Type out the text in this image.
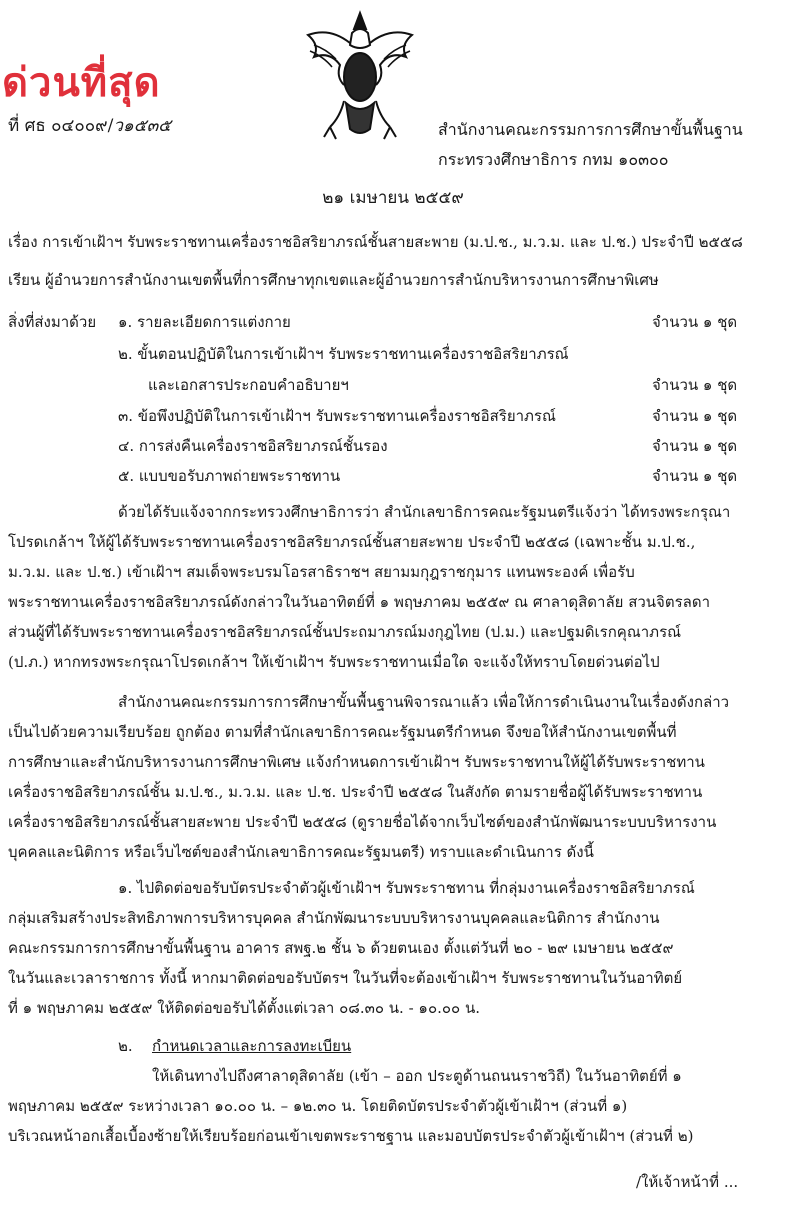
ด่วนที่สุด
ที่ ศธ ๐๔๐๐๙/ว๑๕๓๕	สำนักงานคณะกรรมการการศึกษาขั้นพื้นฐาน
กระทรวงศึกษาธิการ กทม ๑๐๓๐๐
๒๑ เมษายน ๒๕๕๙
เรื่อง การเข้าเฝ้าฯ รับพระราชทานเครื่องราชอิสริยาภรณ์ชั้นสายสะพาย (ม.ป.ช., ม.ว.ม. และ ป.ช.) ประจำปี ๒๕๕๘
เรียน ผู้อำนวยการสำนักงานเขตพื้นที่การศึกษาทุกเขตและผู้อำนวยการสำนักบริหารงานการศึกษาพิเศษ
สิ่งที่ส่งมาด้วย ๑. รายละเอียดการแต่งกาย	จำนวน ๑ ชุด
๒. ขั้นตอนปฏิบัติในการเข้าเฝ้าฯ รับพระราชทานเครื่องราชอิสริยาภรณ์
และเอกสารประกอบคำอธิบายฯ	จำนวน ๑ ชุด
๓. ข้อพึงปฏิบัติในการเข้าเฝ้าฯ รับพระราชทานเครื่องราชอิสริยาภรณ์	จำนวน ๑ ชุด
๔. การส่งคืนเครื่องราชอิสริยาภรณ์ชั้นรอง	จำนวน ๑ ชุด
๕. แบบขอรับภาพถ่ายพระราชทาน	จำนวน ๑ ชุด
ด้วยได้รับแจ้งจากกระทรวงศึกษาธิการว่า สำนักเลขาธิการคณะรัฐมนตรีแจ้งว่า ได้ทรงพระกรุณา
โปรดเกล้าฯ ให้ผู้ได้รับพระราชทานเครื่องราชอิสริยาภรณ์ชั้นสายสะพาย ประจำปี ๒๕๕๘ (เฉพาะชั้น ม.ป.ช.,
ม.ว.ม. และ ป.ช.) เข้าเฝ้าฯ สมเด็จพระบรมโอรสาธิราชฯ สยามมกุฎราชกุมาร แทนพระองค์ เพื่อรับ
พระราชทานเครื่องราชอิสริยาภรณ์ดังกล่าวในวันอาทิตย์ที่ ๑ พฤษภาคม ๒๕๕๙ ณ ศาลาดุสิดาลัย สวนจิตรลดา
ส่วนผู้ที่ได้รับพระราชทานเครื่องราชอิสริยาภรณ์ชั้นประถมาภรณ์มงกุฎไทย (ป.ม.) และปฐมดิเรกคุณาภรณ์
(ป.ภ.) หากทรงพระกรุณาโปรดเกล้าฯ ให้เข้าเฝ้าฯ รับพระราชทานเมื่อใด จะแจ้งให้ทราบโดยด่วนต่อไป
สำนักงานคณะกรรมการการศึกษาขั้นพื้นฐานพิจารณาแล้ว เพื่อให้การดำเนินงานในเรื่องดังกล่าว
เป็นไปด้วยความเรียบร้อย ถูกต้อง ตามที่สำนักเลขาธิการคณะรัฐมนตรีกำหนด จึงขอให้สำนักงานเขตพื้นที่
การศึกษาและสำนักบริหารงานการศึกษาพิเศษ แจ้งกำหนดการเข้าเฝ้าฯ รับพระราชทานให้ผู้ได้รับพระราชทาน
เครื่องราชอิสริยาภรณ์ชั้น ม.ป.ช., ม.ว.ม. และ ป.ช. ประจำปี ๒๕๕๘ ในสังกัด ตามรายชื่อผู้ได้รับพระราชทาน
เครื่องราชอิสริยาภรณ์ชั้นสายสะพาย ประจำปี ๒๕๕๘ (ดูรายชื่อได้จากเว็บไซต์ของสำนักพัฒนาระบบบริหารงาน
บุคคลและนิติการ หรือเว็บไซต์ของสำนักเลขาธิการคณะรัฐมนตรี) ทราบและดำเนินการ ดังนี้
๑. ไปติดต่อขอรับบัตรประจำตัวผู้เข้าเฝ้าฯ รับพระราชทาน ที่กลุ่มงานเครื่องราชอิสริยาภรณ์
กลุ่มเสริมสร้างประสิทธิภาพการบริหารบุคคล สำนักพัฒนาระบบบริหารงานบุคคลและนิติการ สำนักงาน
คณะกรรมการการศึกษาขั้นพื้นฐาน อาคาร สพฐ.๒ ชั้น ๖ ด้วยตนเอง ตั้งแต่วันที่ ๒๐ - ๒๙ เมษายน ๒๕๕๙
ในวันและเวลาราชการ ทั้งนี้ หากมาติดต่อขอรับบัตรฯ ในวันที่จะต้องเข้าเฝ้าฯ รับพระราชทานในวันอาทิตย์
ที่ ๑ พฤษภาคม ๒๕๕๙ ให้ติดต่อขอรับได้ตั้งแต่เวลา ๐๘.๓๐ น. - ๑๐.๐๐ น.
๒. กำหนดเวลาและการลงทะเบียน
ให้เดินทางไปถึงศาลาดุสิดาลัย (เข้า – ออก ประตูด้านถนนราชวิถี) ในวันอาทิตย์ที่ ๑
พฤษภาคม ๒๕๕๙ ระหว่างเวลา ๑๐.๐๐ น. – ๑๒.๓๐ น. โดยติดบัตรประจำตัวผู้เข้าเฝ้าฯ (ส่วนที่ ๑)
บริเวณหน้าอกเสื้อเบื้องซ้ายให้เรียบร้อยก่อนเข้าเขตพระราชฐาน และมอบบัตรประจำตัวผู้เข้าเฝ้าฯ (ส่วนที่ ๒)
/ให้เจ้าหน้าที่ ...
